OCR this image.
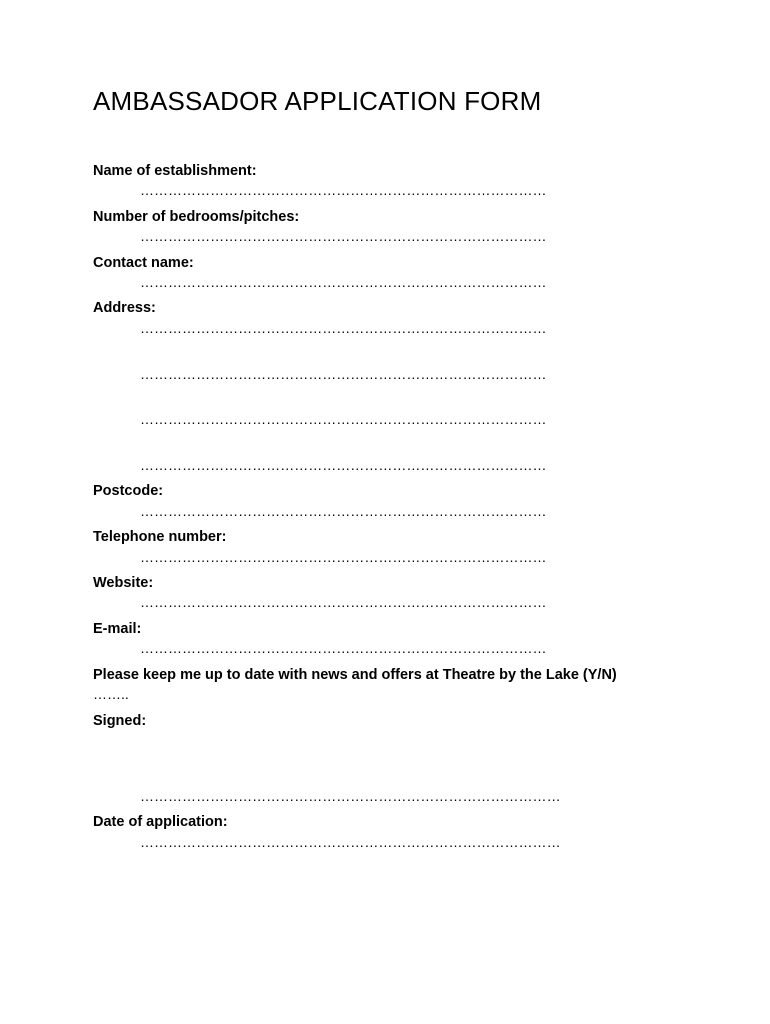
AMBASSADOR APPLICATION FORM
Name of establishment:
……………………………………………………………………………
Number of bedrooms/pitches:
……………………………………………………………………………
Contact name:
……………………………………………………………………………
Address:
……………………………………………………………………………
……………………………………………………………………………
……………………………………………………………………………
……………………………………………………………………………
Postcode:
……………………………………………………………………………
Telephone number:
……………………………………………………………………………
Website:
……………………………………………………………………………
E-mail:
……………………………………………………………………………
Please keep me up to date with news and offers at Theatre by the Lake (Y/N)
……..
Signed:
………………………………………………………………………………
Date of application:
………………………………………………………………………………
